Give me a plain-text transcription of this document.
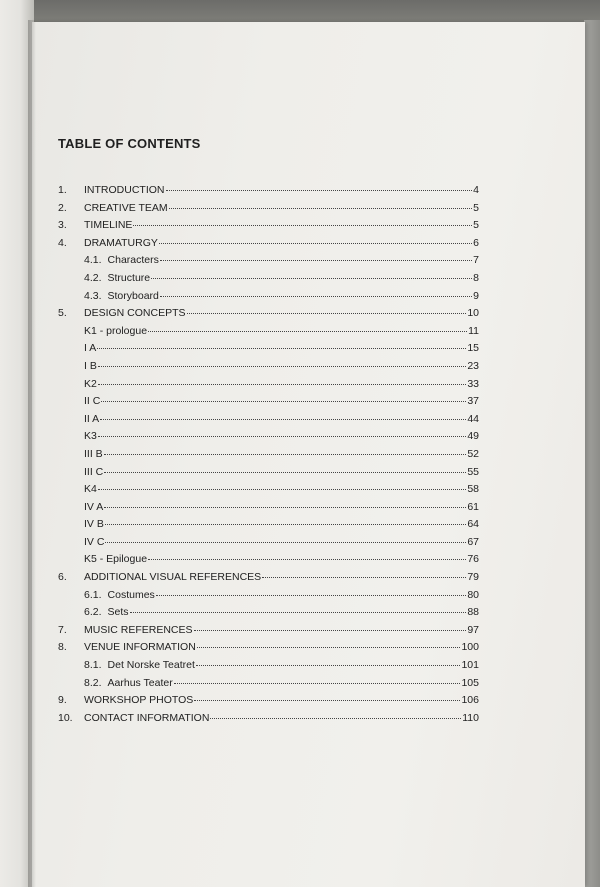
TABLE OF CONTENTS
1.	INTRODUCTION	4
2.	CREATIVE TEAM	5
3.	TIMELINE	5
4.	DRAMATURGY	6
4.1. Characters	7
4.2. Structure	8
4.3. Storyboard	9
5.	DESIGN CONCEPTS	10
K1 - prologue	11
I A	15
I B	23
K2	33
II C	37
II A	44
K3	49
III B	52
III C	55
K4	58
IV A	61
IV B	64
IV C	67
K5 - Epilogue	76
6.	ADDITIONAL VISUAL REFERENCES	79
6.1. Costumes	80
6.2. Sets	88
7.	MUSIC REFERENCES	97
8.	VENUE INFORMATION	100
8.1. Det Norske Teatret	101
8.2. Aarhus Teater	105
9.	WORKSHOP PHOTOS	106
10.	CONTACT INFORMATION	110
